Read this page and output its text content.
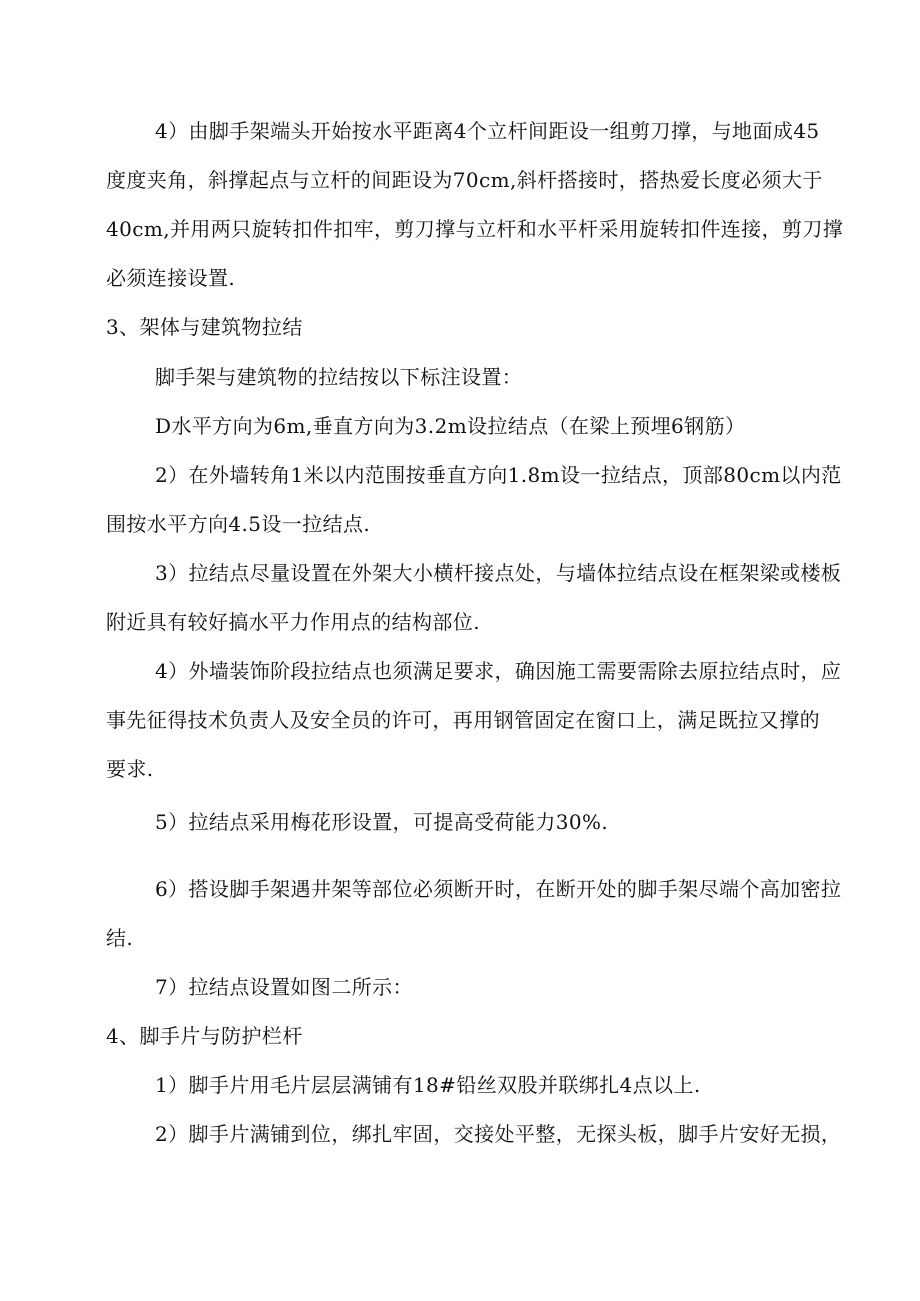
4）由脚手架端头开始按水平距离4个立杆间距设一组剪刀撑，与地面成45
度度夹角，斜撑起点与立杆的间距设为70cm,斜杆搭接时，搭热爱长度必须大于
40cm,并用两只旋转扣件扣牢，剪刀撑与立杆和水平杆采用旋转扣件连接，剪刀撑
必须连接设置.
3、架体与建筑物拉结
脚手架与建筑物的拉结按以下标注设置：
D水平方向为6m,垂直方向为3.2m设拉结点（在梁上预埋6钢筋）
2）在外墙转角1米以内范围按垂直方向1.8m设一拉结点，顶部80cm以内范
围按水平方向4.5设一拉结点.
3）拉结点尽量设置在外架大小横杆接点处，与墙体拉结点设在框架梁或楼板
附近具有较好搞水平力作用点的结构部位.
4）外墙装饰阶段拉结点也须满足要求，确因施工需要需除去原拉结点时，应
事先征得技术负责人及安全员的许可，再用钢管固定在窗口上，满足既拉又撑的
要求.
5）拉结点采用梅花形设置，可提高受荷能力30%.
6）搭设脚手架遇井架等部位必须断开时，在断开处的脚手架尽端个高加密拉
结.
7）拉结点设置如图二所示：
4、脚手片与防护栏杆
1）脚手片用毛片层层满铺有18#铅丝双股并联绑扎4点以上.
2）脚手片满铺到位，绑扎牢固，交接处平整，无探头板，脚手片安好无损，
